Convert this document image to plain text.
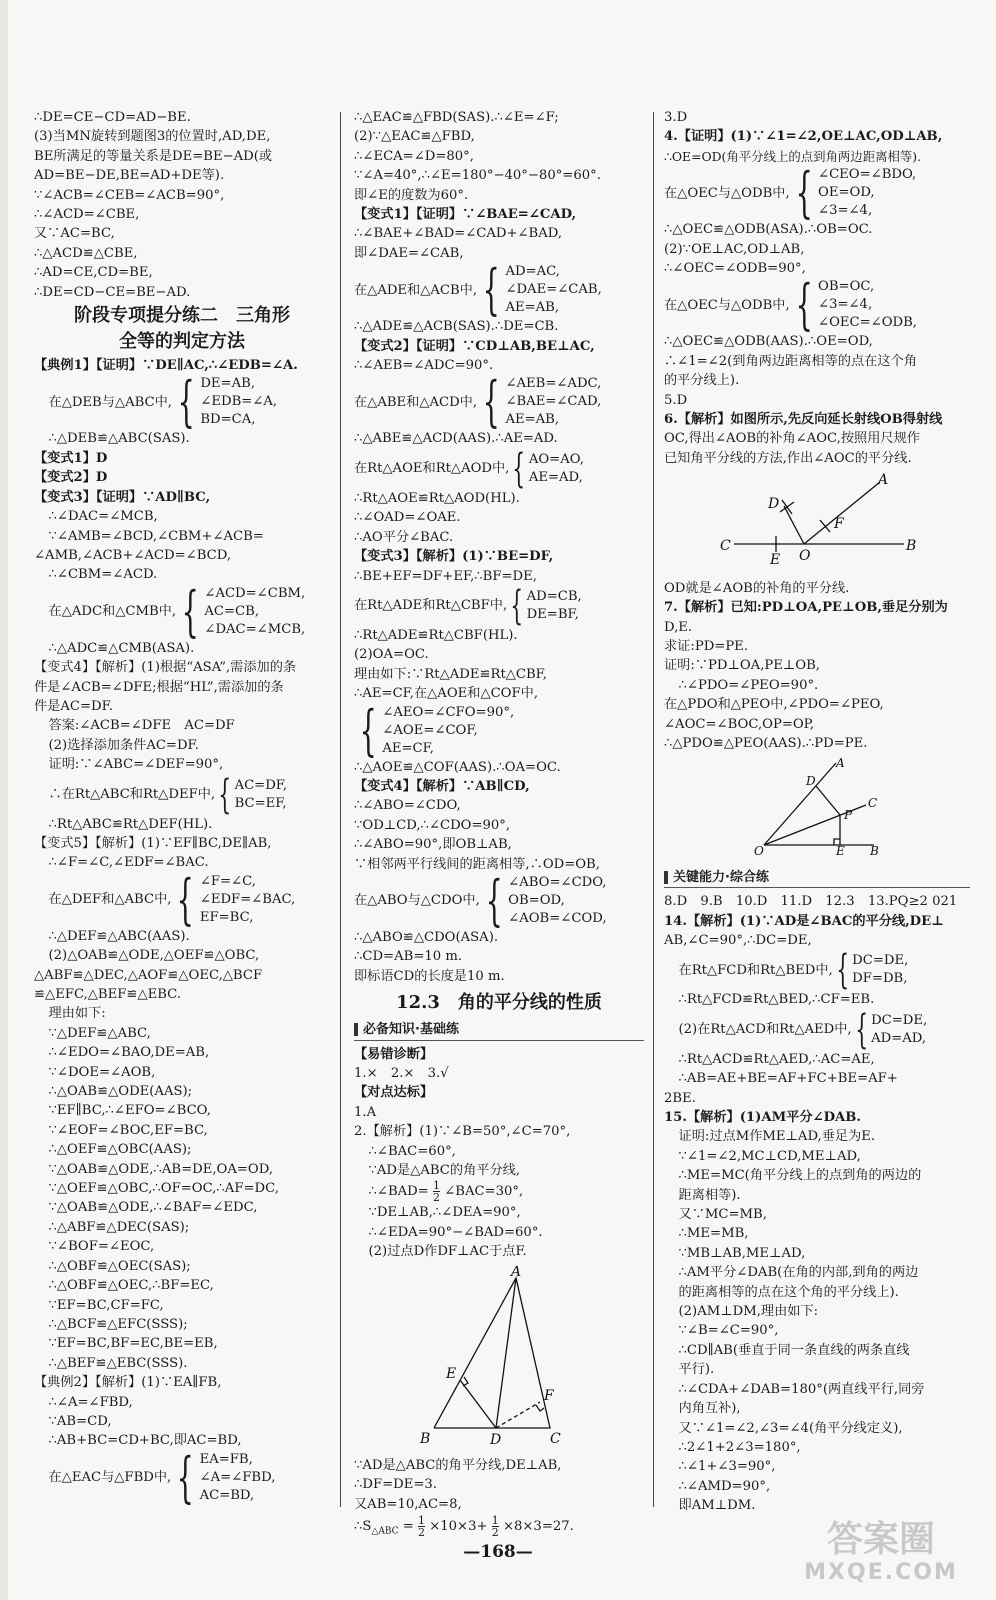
∴DE=CE−CD=AD−BE.
(3)当MN旋转到题图3的位置时,AD,DE,
BE所满足的等量关系是DE=BE−AD(或
AD=BE−DE,BE=AD+DE等).
∵∠ACB=∠CEB=∠ACB=90°,
∴∠ACD=∠CBE,
又∵AC=BC,
∴△ACD≌△CBE,
∴AD=CE,CD=BE,
∴DE=CD−CE=BE−AD.
阶段专项提分练二　三角形
全等的判定方法
【典例1】【证明】∵DE∥AC,∴∠EDB=∠A.
在△DEB与△ABC中, { DE=AB,
∠EDB=∠A,
BD=CA,
∴△DEB≌△ABC(SAS).
【变式1】D
【变式2】D
【变式3】【证明】∵AD∥BC,
∴∠DAC=∠MCB,
∵∠AMB=∠BCD,∠CBM+∠ACB=
∠AMB,∠ACB+∠ACD=∠BCD,
∴∠CBM=∠ACD.
在△ADC和△CMB中, { ∠ACD=∠CBM,
AC=CB,
∠DAC=∠MCB,
∴△ADC≌△CMB(ASA).
【变式4】【解析】(1)根据“ASA”,需添加的条
件是∠ACB=∠DFE;根据“HL”,需添加的条
件是AC=DF.
答案:∠ACB=∠DFE　AC=DF
(2)选择添加条件AC=DF.
证明:∵∠ABC=∠DEF=90°,
∴在Rt△ABC和Rt△DEF中, { AC=DF,
BC=EF,
∴Rt△ABC≌Rt△DEF(HL).
【变式5】【解析】(1)∵EF∥BC,DE∥AB,
∴∠F=∠C,∠EDF=∠BAC.
在△DEF和△ABC中, { ∠F=∠C,
∠EDF=∠BAC,
EF=BC,
∴△DEF≌△ABC(AAS).
(2)△OAB≌△ODE,△OEF≌△OBC,
△ABF≌△DEC,△AOF≌△OEC,△BCF
≌△EFC,△BEF≌△EBC.
理由如下:
∵△DEF≌△ABC,
∴∠EDO=∠BAO,DE=AB,
∵∠DOE=∠AOB,
∴△OAB≌△ODE(AAS);
∵EF∥BC,∴∠EFO=∠BCO,
∵∠EOF=∠BOC,EF=BC,
∴△OEF≌△OBC(AAS);
∵△OAB≌△ODE,∴AB=DE,OA=OD,
∵△OEF≌△OBC,∴OF=OC,∴AF=DC,
∵△OAB≌△ODE,∴∠BAF=∠EDC,
∴△ABF≌△DEC(SAS);
∵∠BOF=∠EOC,
∴△OBF≌△OEC(SAS);
∴△OBF≌△OEC,∴BF=EC,
∵EF=BC,CF=FC,
∴△BCF≌△EFC(SSS);
∵EF=BC,BF=EC,BE=EB,
∴△BEF≌△EBC(SSS).
【典例2】【解析】(1)∵EA∥FB,
∴∠A=∠FBD,
∵AB=CD,
∴AB+BC=CD+BC,即AC=BD,
在△EAC与△FBD中, { EA=FB,
∠A=∠FBD,
AC=BD,
∴△EAC≌△FBD(SAS).∴∠E=∠F;
(2)∵△EAC≌△FBD,
∴∠ECA=∠D=80°,
∵∠A=40°,∴∠E=180°−40°−80°=60°.
即∠E的度数为60°.
【变式1】【证明】∵∠BAE=∠CAD,
∴∠BAE+∠BAD=∠CAD+∠BAD,
即∠DAE=∠CAB,
在△ADE和△ACB中, { AD=AC,
∠DAE=∠CAB,
AE=AB,
∴△ADE≌△ACB(SAS).∴DE=CB.
【变式2】【证明】∵CD⊥AB,BE⊥AC,
∴∠AEB=∠ADC=90°.
在△ABE和△ACD中, { ∠AEB=∠ADC,
∠BAE=∠CAD,
AE=AB,
∴△ABE≌△ACD(AAS).∴AE=AD.
在Rt△AOE和Rt△AOD中, { AO=AO,
AE=AD,
∴Rt△AOE≌Rt△AOD(HL).
∴∠OAD=∠OAE.
∴AO平分∠BAC.
【变式3】【解析】(1)∵BE=DF,
∴BE+EF=DF+EF,∴BF=DE,
在Rt△ADE和Rt△CBF中, { AD=CB,
DE=BF,
∴Rt△ADE≌Rt△CBF(HL).
(2)OA=OC.
理由如下:∵Rt△ADE≌Rt△CBF,
∴AE=CF,在△AOE和△COF中,
{ ∠AEO=∠CFO=90°,
∠AOE=∠COF,
AE=CF,
∴△AOE≌△COF(AAS).∴OA=OC.
【变式4】【解析】∵AB∥CD,
∴∠ABO=∠CDO,
∵OD⊥CD,∴∠CDO=90°,
∴∠ABO=90°,即OB⊥AB,
∵相邻两平行线间的距离相等,∴OD=OB,
在△ABO与△CDO中, { ∠ABO=∠CDO,
OB=OD,
∠AOB=∠COD,
∴△ABO≌△CDO(ASA).
∴CD=AB=10 m.
即标语CD的长度是10 m.
12.3　角的平分线的性质
必备知识·基础练
【易错诊断】
1.×　2.×　3.√
【对点达标】
1.A
2.【解析】(1)∵∠B=50°,∠C=70°,
∴∠BAC=60°,
∵AD是△ABC的角平分线,
∴∠BAD= $\frac{1}{2}$ ∠BAC=30°,
∵DE⊥AB,∴∠DEA=90°,
∴∠EDA=90°−∠BAD=60°.
(2)过点D作DF⊥AC于点F.
A
B	C
D
E
F
∵AD是△ABC的角平分线,DE⊥AB,
∴DF=DE=3.
又AB=10,AC=8,
$\therefore S_{\triangle ABC} = \frac{1}{2} \times 10\times 3+ \frac{1}{2} \times 8\times 3=27$.
3.D
4.【证明】(1)∵∠1=∠2,OE⊥AC,OD⊥AB,
∴OE=OD(角平分线上的点到角两边距离相等).
在△OEC与△ODB中, { ∠CEO=∠BDO,
OE=OD,
∠3=∠4,
∴△OEC≌△ODB(ASA).∴OB=OC.
(2)∵OE⊥AC,OD⊥AB,
∴∠OEC=∠ODB=90°,
在△OEC与△ODB中, { OB=OC,
∠3=∠4,
∠OEC=∠ODB,
∴△OEC≌△ODB(AAS).∴OE=OD,
∴∠1=∠2(到角两边距离相等的点在这个角
的平分线上).
5.D
6.【解析】如图所示,先反向延长射线OB得射线
OC,得出∠AOB的补角∠AOC,按照用尺规作
已知角平分线的方法,作出∠AOC的平分线.
A
B
C
D
E
F
O
OD就是∠AOB的补角的平分线.
7.【解析】已知:PD⊥OA,PE⊥OB,垂足分别为
D,E.
求证:PD=PE.
证明:∵PD⊥OA,PE⊥OB,
∴∠PDO=∠PEO=90°.
在△PDO和△PEO中,∠PDO=∠PEO,
∠AOC=∠BOC,OP=OP,
∴△PDO≌△PEO(AAS).∴PD=PE.
A
B
C
D
E
O
P
关键能力·综合练
8.D　9.B　10.D　11.D　12.3　13.PQ≥2 021
14.【解析】(1)∵AD是∠BAC的平分线,DE⊥
AB,∠C=90°,∴DC=DE,
在Rt△FCD和Rt△BED中, { DC=DE,
DF=DB,
∴Rt△FCD≌Rt△BED,∴CF=EB.
(2)在Rt△ACD和Rt△AED中, { DC=DE,
AD=AD,
∴Rt△ACD≌Rt△AED,∴AC=AE,
∴AB=AE+BE=AF+FC+BE=AF+
2BE.
15.【解析】(1)AM平分∠DAB.
证明:过点M作ME⊥AD,垂足为E.
∵∠1=∠2,MC⊥CD,ME⊥AD,
∴ME=MC(角平分线上的点到角的两边的
距离相等).
又∵MC=MB,
∴ME=MB,
∵MB⊥AB,ME⊥AD,
∴AM平分∠DAB(在角的内部,到角的两边
的距离相等的点在这个角的平分线上).
(2)AM⊥DM,理由如下:
∵∠B=∠C=90°,
∴CD∥AB(垂直于同一条直线的两条直线
平行).
∴∠CDA+∠DAB=180°(两直线平行,同旁
内角互补),
又∵∠1=∠2,∠3=∠4(角平分线定义),
∴2∠1+2∠3=180°,
∴∠1+∠3=90°,
∴∠AMD=90°,
即AM⊥DM.
—168—	答案圈
MXQE.COM
